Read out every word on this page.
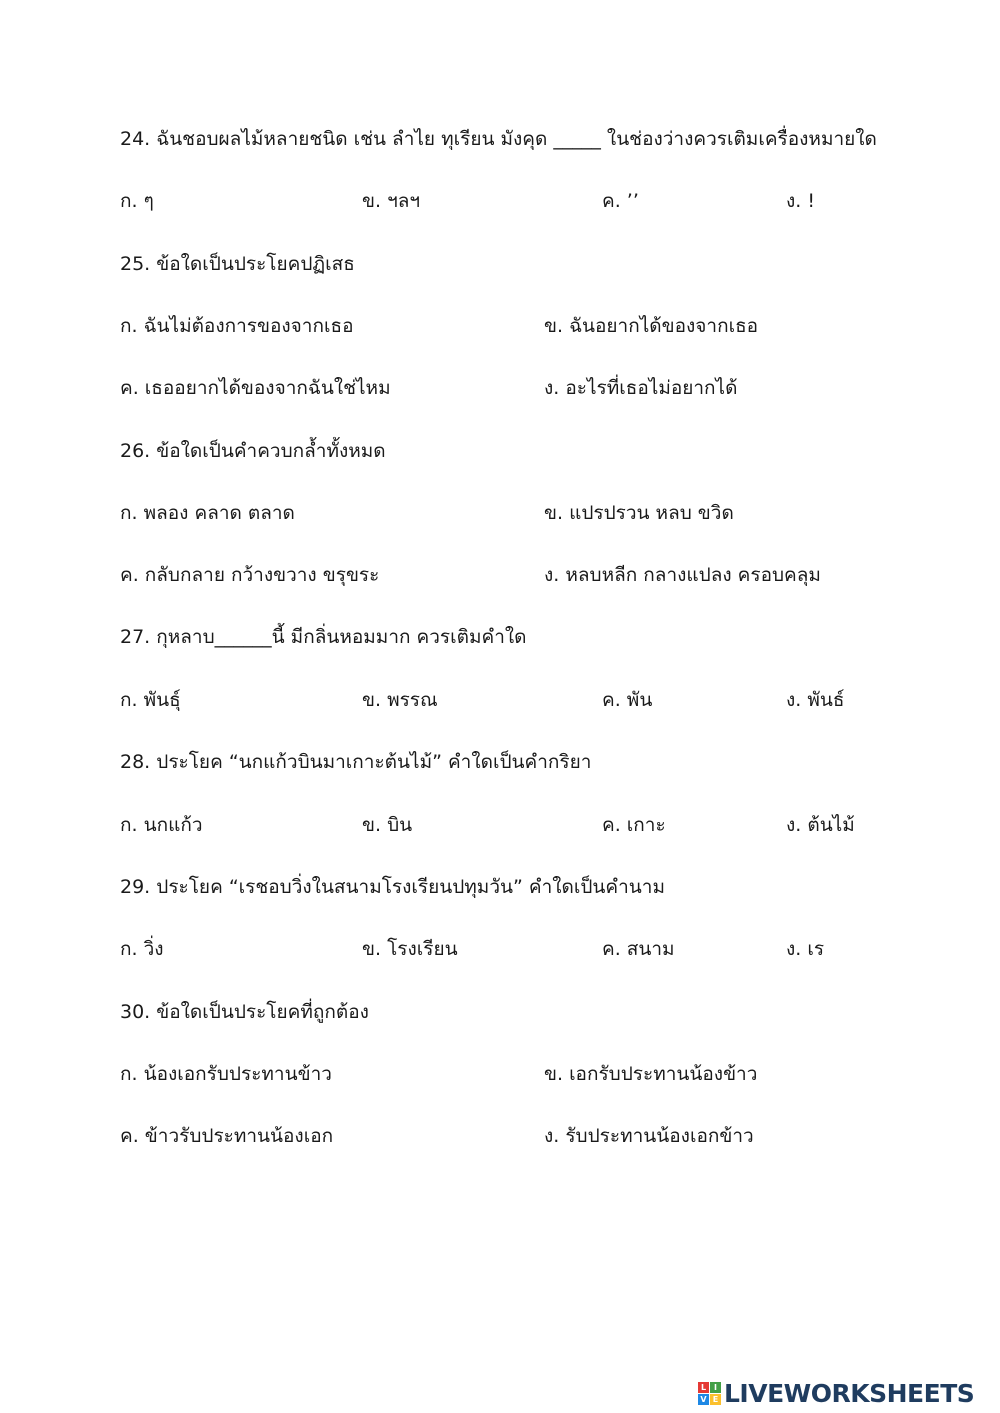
24. ฉันชอบผลไม้หลายชนิด เช่น ลำไย ทุเรียน มังคุด _____ ในช่องว่างควรเติมเครื่องหมายใด
ก. ๆ	ข. ฯลฯ	ค. ’’	ง. !
25. ข้อใดเป็นประโยคปฏิเสธ
ก. ฉันไม่ต้องการของจากเธอ	ข. ฉันอยากได้ของจากเธอ
ค. เธออยากได้ของจากฉันใช่ไหม	ง. อะไรที่เธอไม่อยากได้
26. ข้อใดเป็นคำควบกล้ำทั้งหมด
ก. พลอง คลาด ตลาด	ข. แปรปรวน หลบ ขวิด
ค. กลับกลาย กว้างขวาง ขรุขระ	ง. หลบหลีก กลางแปลง ครอบคลุม
27. กุหลาบ______นี้ มีกลิ่นหอมมาก ควรเติมคำใด
ก. พันธุ์	ข. พรรณ	ค. พัน	ง. พันธ์
28. ประโยค “นกแก้วบินมาเกาะต้นไม้” คำใดเป็นคำกริยา
ก. นกแก้ว	ข. บิน	ค. เกาะ	ง. ต้นไม้
29. ประโยค “เรชอบวิ่งในสนามโรงเรียนปทุมวัน” คำใดเป็นคำนาม
ก. วิ่ง	ข. โรงเรียน	ค. สนาม	ง. เร
30. ข้อใดเป็นประโยคที่ถูกต้อง
ก. น้องเอกรับประทานข้าว	ข. เอกรับประทานน้องข้าว
ค. ข้าวรับประทานน้องเอก	ง. รับประทานน้องเอกข้าว
L I
V E LIVEWORKSHEETS
